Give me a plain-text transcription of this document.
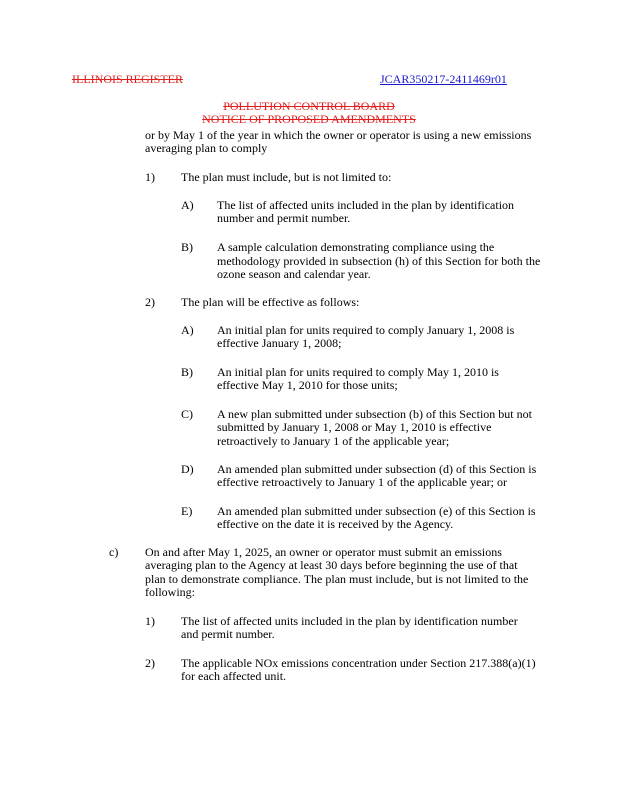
ILLINOIS REGISTER	JCAR350217-2411469r01
POLLUTION CONTROL BOARD
NOTICE OF PROPOSED AMENDMENTS
or by May 1 of the year in which the owner or operator is using a new emissions
averaging plan to comply
1) The plan must include, but is not limited to:
A) The list of affected units included in the plan by identification
number and permit number.
B) A sample calculation demonstrating compliance using the
methodology provided in subsection (h) of this Section for both the
ozone season and calendar year.
2) The plan will be effective as follows:
A) An initial plan for units required to comply January 1, 2008 is
effective January 1, 2008;
B) An initial plan for units required to comply May 1, 2010 is
effective May 1, 2010 for those units;
C) A new plan submitted under subsection (b) of this Section but not
submitted by January 1, 2008 or May 1, 2010 is effective
retroactively to January 1 of the applicable year;
D) An amended plan submitted under subsection (d) of this Section is
effective retroactively to January 1 of the applicable year; or
E) An amended plan submitted under subsection (e) of this Section is
effective on the date it is received by the Agency.
c) On and after May 1, 2025, an owner or operator must submit an emissions
averaging plan to the Agency at least 30 days before beginning the use of that
plan to demonstrate compliance. The plan must include, but is not limited to the
following:
1) The list of affected units included in the plan by identification number
and permit number.
2) The applicable NOx emissions concentration under Section 217.388(a)(1)
for each affected unit.
